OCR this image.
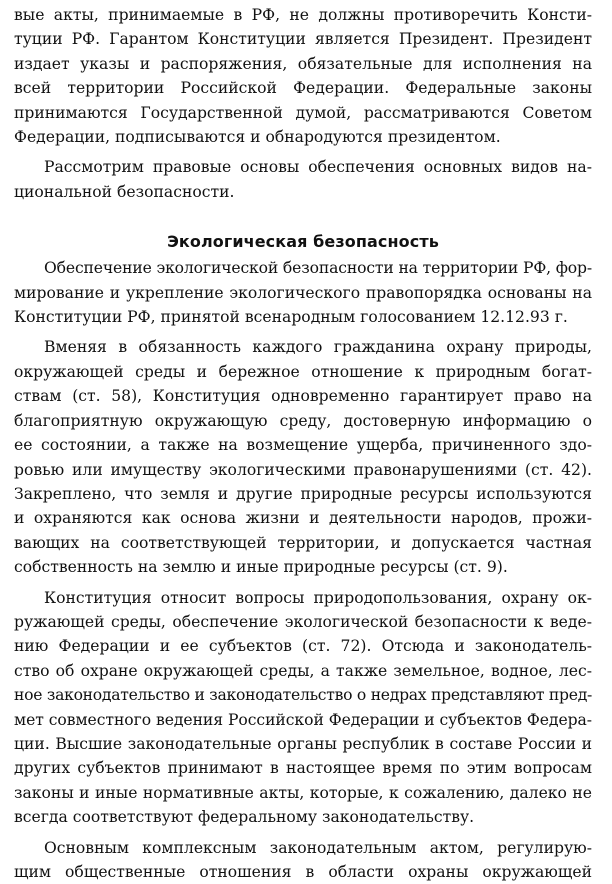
вые акты, принимаемые в РФ, не должны противоречить Консти-
туции РФ. Гарантом Конституции является Президент. Президент
издает указы и распоряжения, обязательные для исполнения на
всей территории Российской Федерации. Федеральные законы
принимаются Государственной думой, рассматриваются Советом
Федерации, подписываются и обнародуются президентом.
Рассмотрим правовые основы обеспечения основных видов на-
циональной безопасности.
Экологическая безопасность
Обеспечение экологической безопасности на территории РФ, фор-
мирование и укрепление экологического правопорядка основаны на
Конституции РФ, принятой всенародным голосованием 12.12.93 г.
Вменяя в обязанность каждого гражданина охрану природы,
окружающей среды и бережное отношение к природным богат-
ствам (ст. 58), Конституция одновременно гарантирует право на
благоприятную окружающую среду, достоверную информацию о
ее состоянии, а также на возмещение ущерба, причиненного здо-
ровью или имуществу экологическими правонарушениями (ст. 42).
Закреплено, что земля и другие природные ресурсы используются
и охраняются как основа жизни и деятельности народов, прожи-
вающих на соответствующей территории, и допускается частная
собственность на землю и иные природные ресурсы (ст. 9).
Конституция относит вопросы природопользования, охрану ок-
ружающей среды, обеспечение экологической безопасности к веде-
нию Федерации и ее субъектов (ст. 72). Отсюда и законодатель-
ство об охране окружающей среды, а также земельное, водное, лес-
ное законодательство и законодательство о недрах представляют пред-
мет совместного ведения Российской Федерации и субъектов Федера-
ции. Высшие законодательные органы республик в составе России и
других субъектов принимают в настоящее время по этим вопросам
законы и иные нормативные акты, которые, к сожалению, далеко не
всегда соответствуют федеральному законодательству.
Основным комплексным законодательным актом, регулирую-
щим общественные отношения в области охраны окружающей
